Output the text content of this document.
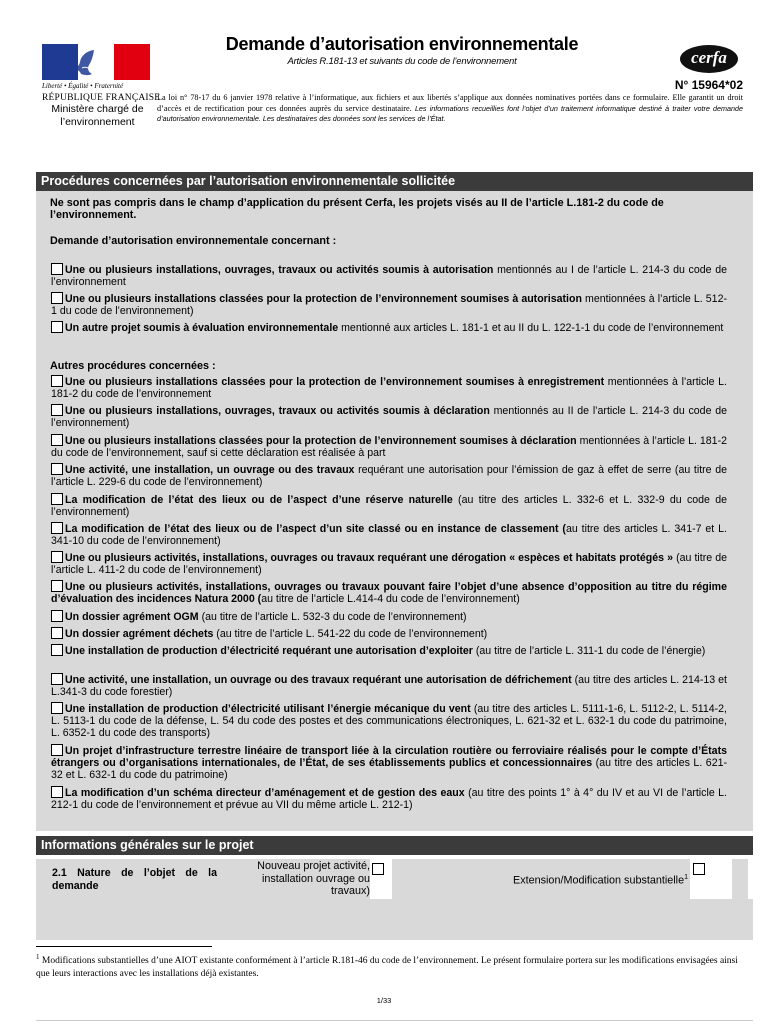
Liberté • Égalité • Fraternité
RÉPUBLIQUE FRANÇAISE
Ministère chargé de l’environnement
Demande d’autorisation environnementale
Articles R.181-13 et suivants du code de l’environnement	cerfa
N° 15964*02
La loi n° 78-17 du 6 janvier 1978 relative à l’informatique, aux fichiers et aux libertés s’applique aux données nominatives portées dans ce formulaire. Elle garantit un droit d’accès et de rectification pour ces données auprès du service destinataire. Les informations recueillies font l’objet d’un traitement informatique destiné à traiter votre demande d’autorisation environnementale. Les destinataires des données sont les services de l’État.
Procédures concernées par l’autorisation environnementale sollicitée
Ne sont pas compris dans le champ d’application du présent Cerfa, les projets visés au II de l’article L.181-2 du code de l’environnement.
Demande d’autorisation environnementale concernant :
Une ou plusieurs installations, ouvrages, travaux ou activités soumis à autorisation mentionnés au I de l’article L. 214-3 du code de l’environnement
Une ou plusieurs installations classées pour la protection de l’environnement soumises à autorisation mentionnées à l’article L. 512-1 du code de l’environnement)
Un autre projet soumis à évaluation environnementale mentionné aux articles L. 181-1 et au II du L. 122-1-1 du code de l’environnement
Autres procédures concernées :
Une ou plusieurs installations classées pour la protection de l’environnement soumises à enregistrement mentionnées à l’article L. 181-2 du code de l’environnement
Une ou plusieurs installations, ouvrages, travaux ou activités soumis à déclaration mentionnés au II de l’article L. 214-3 du code de l’environnement)
Une ou plusieurs installations classées pour la protection de l’environnement soumises à déclaration mentionnées à l’article L. 181-2 du code de l’environnement, sauf si cette déclaration est réalisée à part
Une activité, une installation, un ouvrage ou des travaux requérant une autorisation pour l’émission de gaz à effet de serre (au titre de l’article L. 229-6 du code de l’environnement)
La modification de l’état des lieux ou de l’aspect d’une réserve naturelle (au titre des articles L. 332-6 et L. 332-9 du code de l’environnement)
La modification de l’état des lieux ou de l’aspect d’un site classé ou en instance de classement (au titre des articles L. 341-7 et L. 341-10 du code de l’environnement)
Une ou plusieurs activités, installations, ouvrages ou travaux requérant une dérogation « espèces et habitats protégés » (au titre de l’article L. 411-2 du code de l’environnement)
Une ou plusieurs activités, installations, ouvrages ou travaux pouvant faire l’objet d’une absence d’opposition au titre du régime d’évaluation des incidences Natura 2000 (au titre de l’article L.414-4 du code de l’environnement)
Un dossier agrément OGM (au titre de l’article L. 532-3 du code de l’environnement)
Un dossier agrément déchets (au titre de l’article L. 541-22 du code de l’environnement)
Une installation de production d’électricité requérant une autorisation d’exploiter (au titre de l’article L. 311-1 du code de l’énergie)
Une activité, une installation, un ouvrage ou des travaux requérant une autorisation de défrichement (au titre des articles L. 214-13 et L.341-3 du code forestier)
Une installation de production d’électricité utilisant l’énergie mécanique du vent (au titre des articles L. 5111-1-6, L. 5112-2, L. 5114-2, L. 5113-1 du code de la défense, L. 54 du code des postes et des communications électroniques, L. 621-32 et L. 632-1 du code du patrimoine, L. 6352-1 du code des transports)
Un projet d’infrastructure terrestre linéaire de transport liée à la circulation routière ou ferroviaire réalisés pour le compte d’États étrangers ou d’organisations internationales, de l’État, de ses établissements publics et concessionnaires (au titre des articles L. 621-32 et L. 632-1 du code du patrimoine)
La modification d’un schéma directeur d’aménagement et de gestion des eaux (au titre des points 1° à 4° du IV et au VI de l’article L. 212-1 du code de l’environnement et prévue au VII du même article L. 212-1)
Informations générales sur le projet
2.1 Nature de l’objet de la demande
Nouveau projet activité, installation ouvrage ou travaux)
Extension/Modification substantielle$^1$
$^1$ Modifications substantielles d’une AIOT existante conformément à l’article R.181-46 du code de l’environnement. Le présent formulaire portera sur les modifications envisagées ainsi que leurs interactions avec les installations déjà existantes.
1/33
